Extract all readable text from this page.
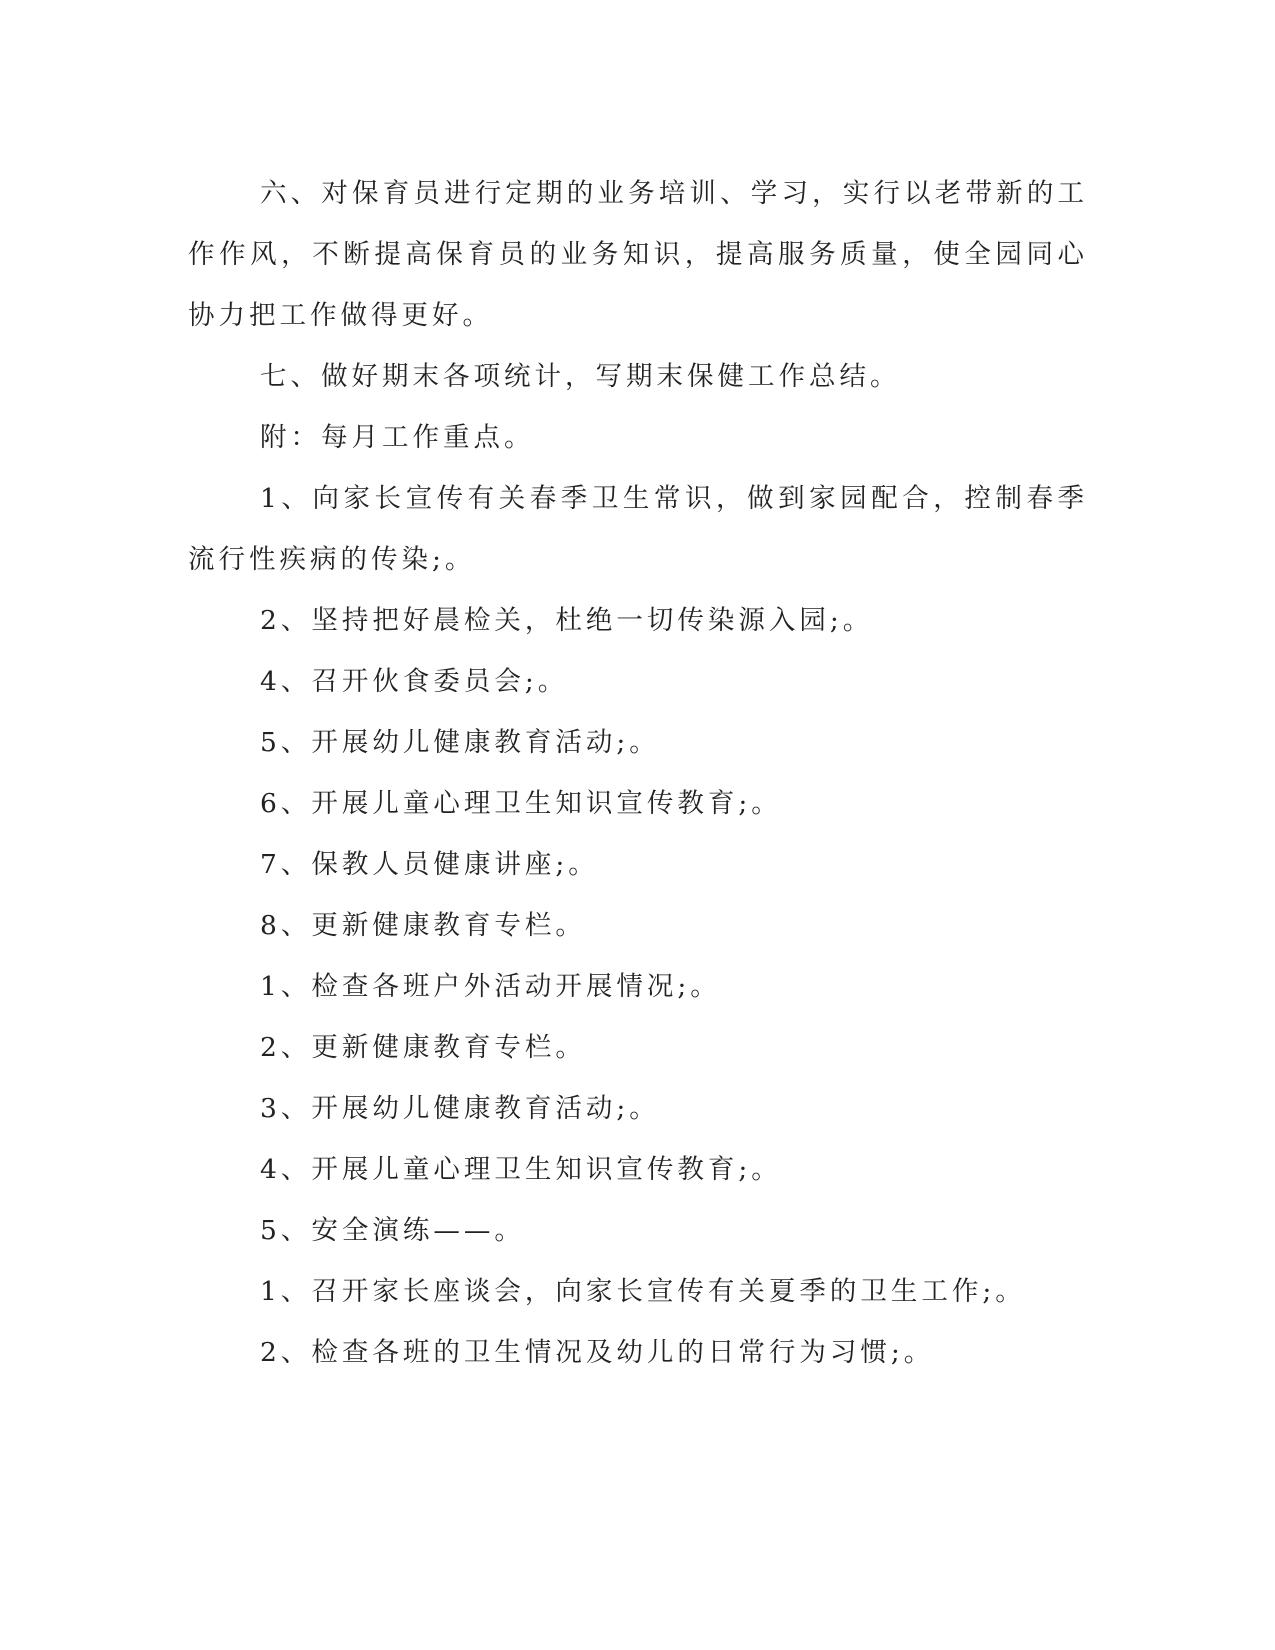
六、对保育员进行定期的业务培训、学习，实行以老带新的工作作风，不断提高保育员的业务知识，提高服务质量，使全园同心协力把工作做得更好。

七、做好期末各项统计，写期末保健工作总结。

附：每月工作重点。

1、向家长宣传有关春季卫生常识，做到家园配合，控制春季流行性疾病的传染;。

2、坚持把好晨检关，杜绝一切传染源入园;。

4、召开伙食委员会;。

5、开展幼儿健康教育活动;。

6、开展儿童心理卫生知识宣传教育;。

7、保教人员健康讲座;。

8、更新健康教育专栏。

1、检查各班户外活动开展情况;。

2、更新健康教育专栏。

3、开展幼儿健康教育活动;。

4、开展儿童心理卫生知识宣传教育;。

5、安全演练——。

1、召开家长座谈会，向家长宣传有关夏季的卫生工作;。

2、检查各班的卫生情况及幼儿的日常行为习惯;。
